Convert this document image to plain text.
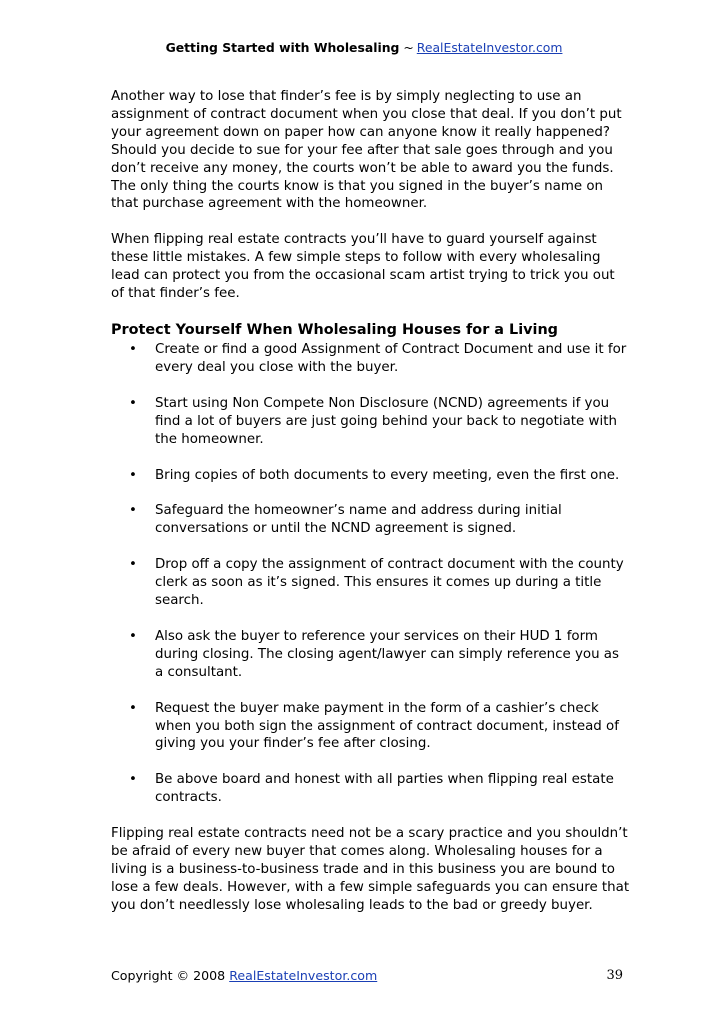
Getting Started with Wholesaling ~ RealEstateInvestor.com

Another way to lose that finder’s fee is by simply neglecting to use an assignment of contract document when you close that deal. If you don’t put your agreement down on paper how can anyone know it really happened? Should you decide to sue for your fee after that sale goes through and you don’t receive any money, the courts won’t be able to award you the funds. The only thing the courts know is that you signed in the buyer’s name on that purchase agreement with the homeowner.

When flipping real estate contracts you’ll have to guard yourself against these little mistakes. A few simple steps to follow with every wholesaling lead can protect you from the occasional scam artist trying to trick you out of that finder’s fee.

Protect Yourself When Wholesaling Houses for a Living
• Create or find a good Assignment of Contract Document and use it for every deal you close with the buyer.
• Start using Non Compete Non Disclosure (NCND) agreements if you find a lot of buyers are just going behind your back to negotiate with the homeowner.
• Bring copies of both documents to every meeting, even the first one.
• Safeguard the homeowner’s name and address during initial conversations or until the NCND agreement is signed.
• Drop off a copy the assignment of contract document with the county clerk as soon as it’s signed. This ensures it comes up during a title search.
• Also ask the buyer to reference your services on their HUD 1 form during closing. The closing agent/lawyer can simply reference you as a consultant.
• Request the buyer make payment in the form of a cashier’s check when you both sign the assignment of contract document, instead of giving you your finder’s fee after closing.
• Be above board and honest with all parties when flipping real estate contracts.

Flipping real estate contracts need not be a scary practice and you shouldn’t be afraid of every new buyer that comes along. Wholesaling houses for a living is a business-to-business trade and in this business you are bound to lose a few deals. However, with a few simple safeguards you can ensure that you don’t needlessly lose wholesaling leads to the bad or greedy buyer.

Copyright © 2008 RealEstateInvestor.com	39
